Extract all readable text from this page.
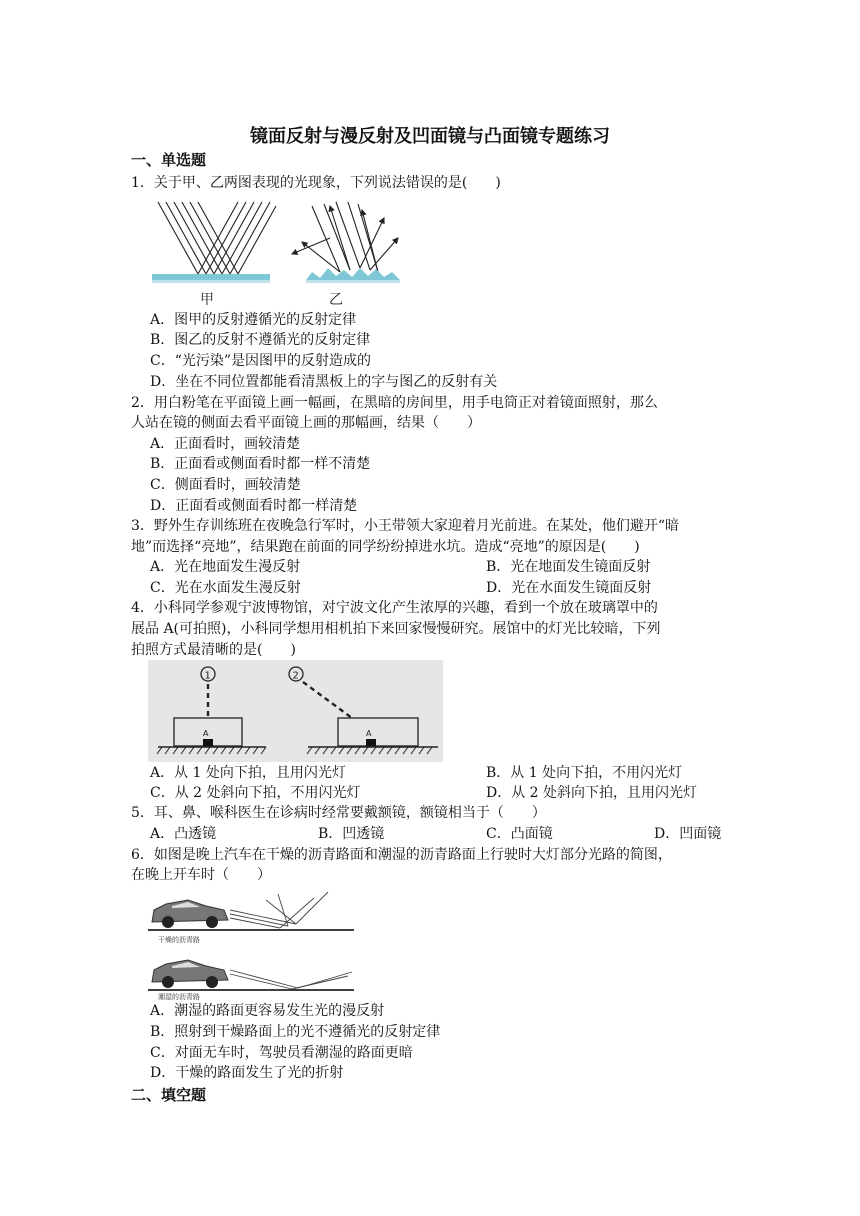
镜面反射与漫反射及凹面镜与凸面镜专题练习
一、单选题
1．关于甲、乙两图表现的光现象，下列说法错误的是(　　)
甲	乙
A．图甲的反射遵循光的反射定律
B．图乙的反射不遵循光的反射定律
C．“光污染”是因图甲的反射造成的
D．坐在不同位置都能看清黑板上的字与图乙的反射有关
2．用白粉笔在平面镜上画一幅画，在黑暗的房间里，用手电筒正对着镜面照射，那么
人站在镜的侧面去看平面镜上画的那幅画，结果（　　）
A．正面看时，画较清楚
B．正面看或侧面看时都一样不清楚
C．侧面看时，画较清楚
D．正面看或侧面看时都一样清楚
3．野外生存训练班在夜晚急行军时，小王带领大家迎着月光前进。在某处，他们避开“暗
地”而选择“亮地”，结果跑在前面的同学纷纷掉进水坑。造成“亮地”的原因是(　　)
A．光在地面发生漫反射	B．光在地面发生镜面反射
C．光在水面发生漫反射	D．光在水面发生镜面反射
4．小科同学参观宁波博物馆，对宁波文化产生浓厚的兴趣，看到一个放在玻璃罩中的
展品 A(可拍照)，小科同学想用相机拍下来回家慢慢研究。展馆中的灯光比较暗，下列
拍照方式最清晰的是(　　)
1
A
2
A
A．从 1 处向下拍，且用闪光灯	B．从 1 处向下拍，不用闪光灯
C．从 2 处斜向下拍，不用闪光灯	D．从 2 处斜向下拍，且用闪光灯
5．耳、鼻、喉科医生在诊病时经常要戴额镜，额镜相当于（　　）
A．凸透镜	B．凹透镜	C．凸面镜	D．凹面镜
6．如图是晚上汽车在干燥的沥青路面和潮湿的沥青路面上行驶时大灯部分光路的简图，
在晚上开车时（　　）
干燥的沥青路
潮湿的沥青路
A．潮湿的路面更容易发生光的漫反射
B．照射到干燥路面上的光不遵循光的反射定律
C．对面无车时，驾驶员看潮湿的路面更暗
D．干燥的路面发生了光的折射
二、填空题
